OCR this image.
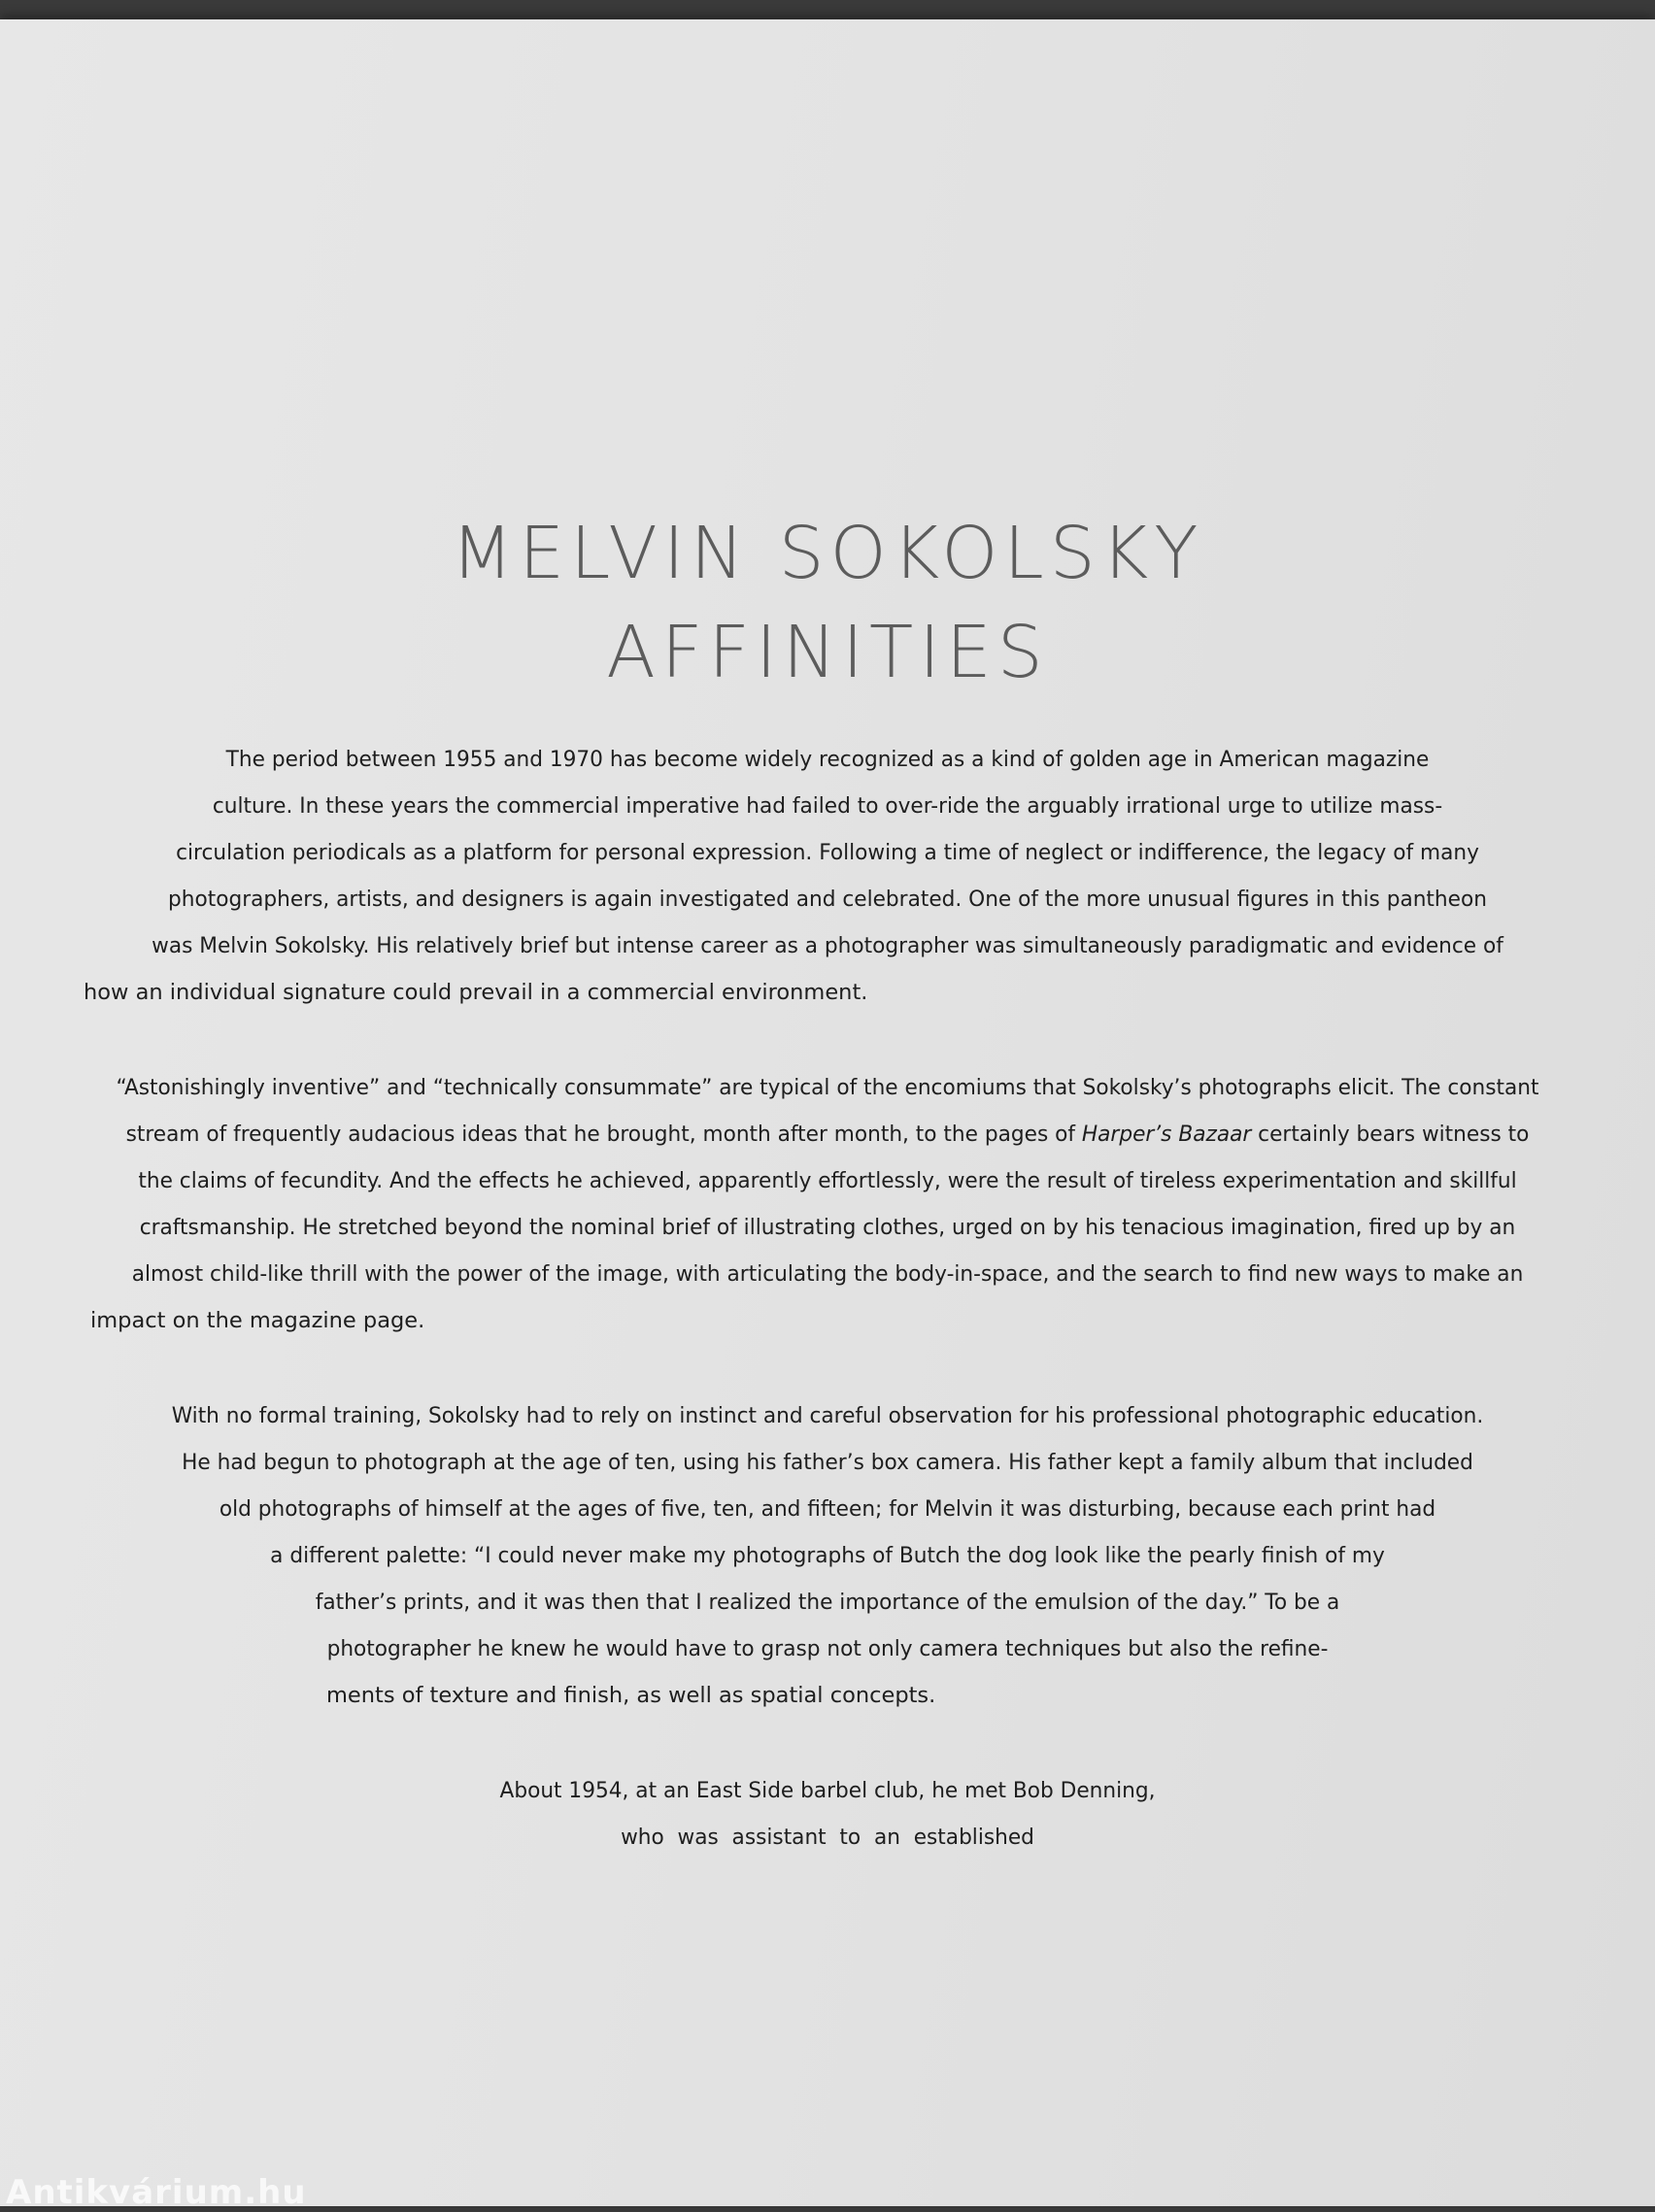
MELVIN SOKOLSKY
AFFINITIES
The period between 1955 and 1970 has become widely recognized as a kind of golden age in American magazine
culture. In these years the commercial imperative had failed to over-ride the arguably irrational urge to utilize mass-
circulation periodicals as a platform for personal expression. Following a time of neglect or indifference, the legacy of many
photographers, artists, and designers is again investigated and celebrated. One of the more unusual figures in this pantheon
was Melvin Sokolsky. His relatively brief but intense career as a photographer was simultaneously paradigmatic and evidence of
how an individual signature could prevail in a commercial environment.
“Astonishingly inventive” and “technically consummate” are typical of the encomiums that Sokolsky’s photographs elicit. The constant
stream of frequently audacious ideas that he brought, month after month, to the pages of Harper’s Bazaar certainly bears witness to
the claims of fecundity. And the effects he achieved, apparently effortlessly, were the result of tireless experimentation and skillful
craftsmanship. He stretched beyond the nominal brief of illustrating clothes, urged on by his tenacious imagination, fired up by an
almost child-like thrill with the power of the image, with articulating the body-in-space, and the search to find new ways to make an
impact on the magazine page.
With no formal training, Sokolsky had to rely on instinct and careful observation for his professional photographic education.
He had begun to photograph at the age of ten, using his father’s box camera. His father kept a family album that included
old photographs of himself at the ages of five, ten, and fifteen; for Melvin it was disturbing, because each print had
a different palette: “I could never make my photographs of Butch the dog look like the pearly finish of my
father’s prints, and it was then that I realized the importance of the emulsion of the day.” To be a
photographer he knew he would have to grasp not only camera techniques but also the refine-
ments of texture and finish, as well as spatial concepts.
About 1954, at an East Side barbel club, he met Bob Denning,
who  was  assistant  to  an  established
Antikvárium.hu
